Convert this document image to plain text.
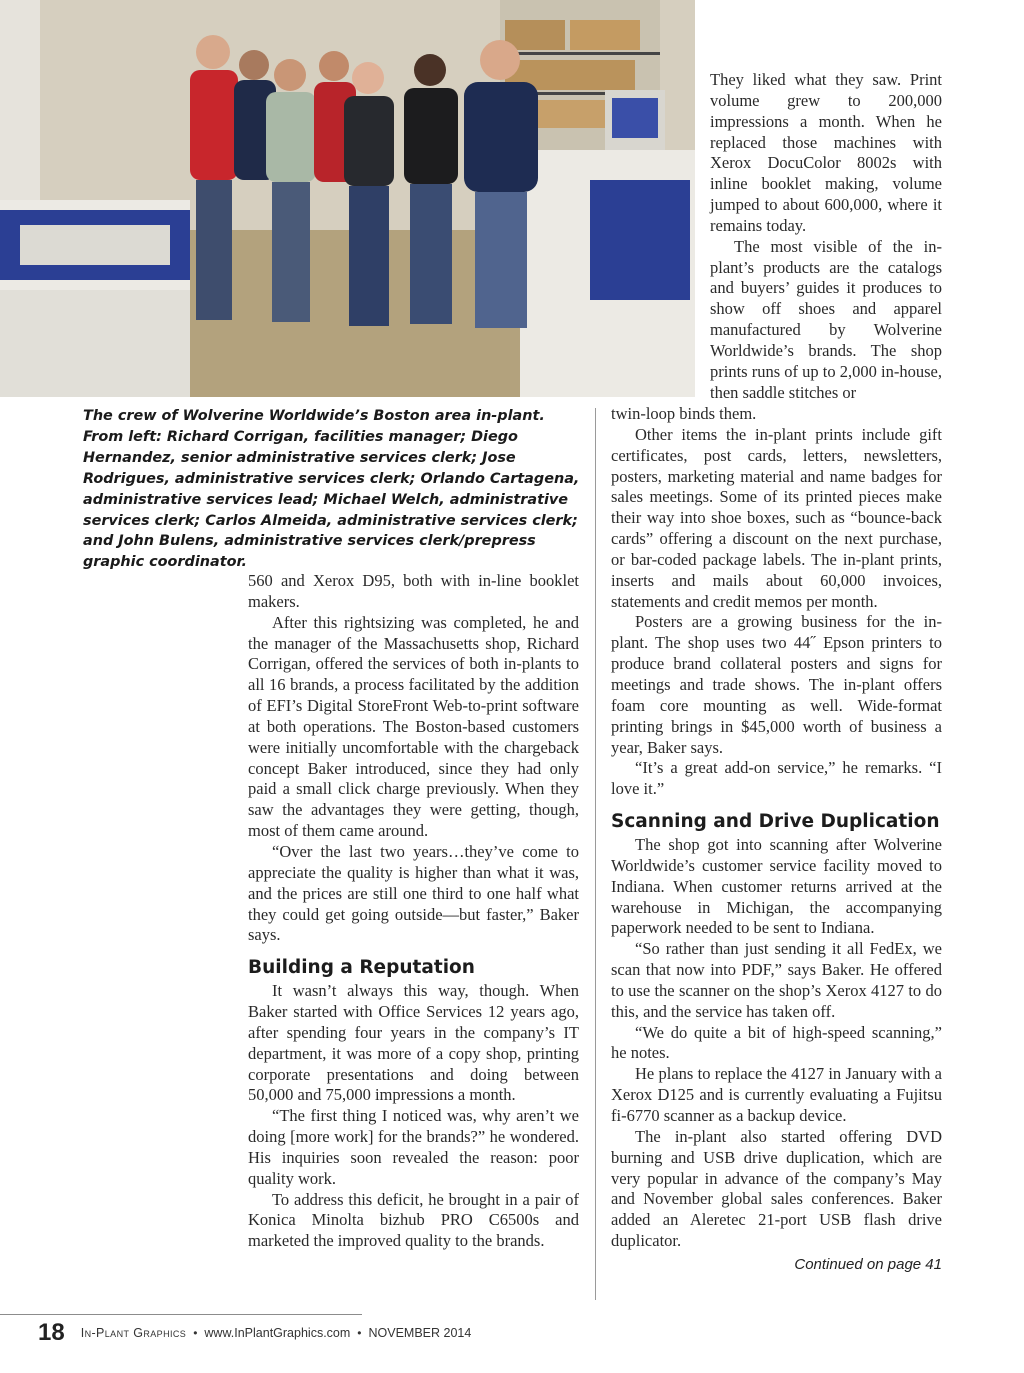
The crew of Wolverine Worldwide’s Boston area in-plant. From left: Richard Corrigan, facilities manager; Diego Hernandez, senior administrative services clerk; Jose Rodrigues, administrative services clerk; Orlando Cartagena, administrative services lead; Michael Welch, administrative services clerk; Carlos Almeida, administrative services clerk; and John Bulens, administrative services clerk/prepress graphic coordinator.

They liked what they saw. Print volume grew to 200,000 impressions a month. When he replaced those machines with Xerox DocuColor 8002s with inline booklet making, volume jumped to about 600,000, where it remains today.

The most visible of the in-plant’s products are the catalogs and buyers’ guides it produces to show off shoes and apparel manufactured by Wolverine Worldwide’s brands. The shop prints runs of up to 2,000 in-house, then saddle stitches or

560 and Xerox D95, both with in-line booklet makers.

After this rightsizing was completed, he and the manager of the Massachusetts shop, Richard Corrigan, offered the services of both in-plants to all 16 brands, a process facilitated by the addition of EFI’s Digital StoreFront Web-to-print software at both operations. The Boston-based customers were initially uncomfortable with the chargeback concept Baker introduced, since they had only paid a small click charge previously. When they saw the advantages they were getting, though, most of them came around.

“Over the last two years…they’ve come to appreciate the quality is higher than what it was, and the prices are still one third to one half what they could get going outside—but faster,” Baker says.

Building a Reputation

It wasn’t always this way, though. When Baker started with Office Services 12 years ago, after spending four years in the company’s IT department, it was more of a copy shop, printing corporate presentations and doing between 50,000 and 75,000 impressions a month.

“The first thing I noticed was, why aren’t we doing [more work] for the brands?” he wondered. His inquiries soon revealed the reason: poor quality work.

To address this deficit, he brought in a pair of Konica Minolta bizhub PRO C6500s and marketed the improved quality to the brands.

twin-loop binds them.

Other items the in-plant prints include gift certificates, post cards, letters, newsletters, posters, marketing material and name badges for sales meetings. Some of its printed pieces make their way into shoe boxes, such as “bounce-back cards” offering a discount on the next purchase, or bar-coded package labels. The in-plant prints, inserts and mails about 60,000 invoices, statements and credit memos per month.

Posters are a growing business for the in-plant. The shop uses two 44˝ Epson printers to produce brand collateral posters and signs for meetings and trade shows. The in-plant offers foam core mounting as well. Wide-format printing brings in $45,000 worth of business a year, Baker says.

“It’s a great add-on service,” he remarks. “I love it.”

Scanning and Drive Duplication

The shop got into scanning after Wolverine Worldwide’s customer service facility moved to Indiana. When customer returns arrived at the warehouse in Michigan, the accompanying paperwork needed to be sent to Indiana.

“So rather than just sending it all FedEx, we scan that now into PDF,” says Baker. He offered to use the scanner on the shop’s Xerox 4127 to do this, and the service has taken off.

“We do quite a bit of high-speed scanning,” he notes.

He plans to replace the 4127 in January with a Xerox D125 and is currently evaluating a Fujitsu fi-6770 scanner as a backup device.

The in-plant also started offering DVD burning and USB drive duplication, which are very popular in advance of the company’s May and November global sales conferences. Baker added an Aleretec 21-port USB flash drive duplicator.

Continued on page 41
18 In-Plant Graphics • www.InPlantGraphics.com • NOVEMBER 2014
